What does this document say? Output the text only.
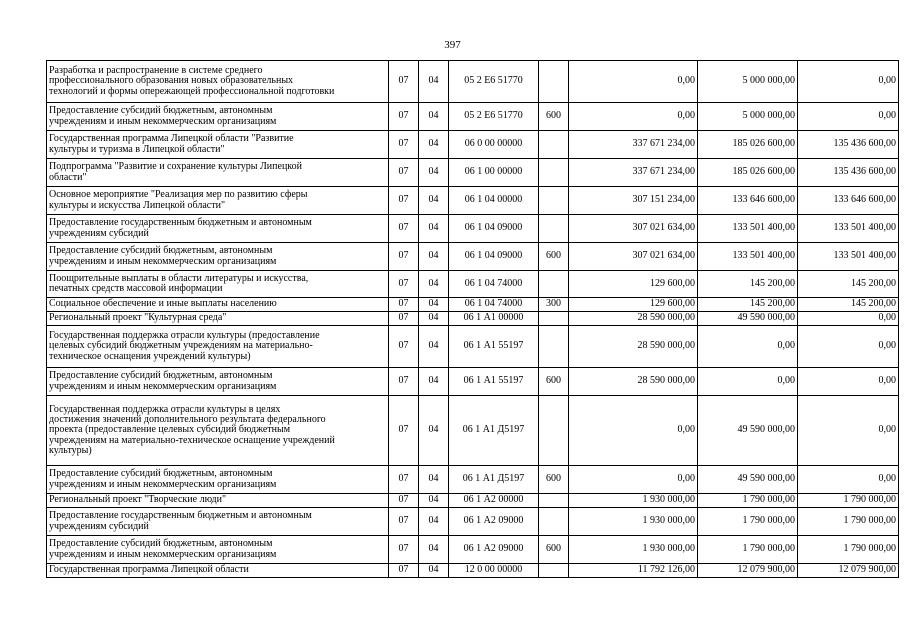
397
Разработка и распространение в системе среднего
профессионального образования новых образовательных
технологий и формы опережающей профессиональной подготовки	07	04	05 2 Е6 51770		0,00	5 000 000,00	0,00
Предоставление субсидий бюджетным, автономным
учреждениям и иным некоммерческим организациям	07	04	05 2 Е6 51770	600	0,00	5 000 000,00	0,00
Государственная программа Липецкой области "Развитие
культуры и туризма в Липецкой области"	07	04	06 0 00 00000		337 671 234,00	185 026 600,00	135 436 600,00
Подпрограмма "Развитие и сохранение культуры Липецкой
области"	07	04	06 1 00 00000		337 671 234,00	185 026 600,00	135 436 600,00
Основное мероприятие "Реализация мер по развитию сферы
культуры и искусства Липецкой области"	07	04	06 1 04 00000		307 151 234,00	133 646 600,00	133 646 600,00
Предоставление государственным бюджетным и автономным
учреждениям субсидий	07	04	06 1 04 09000		307 021 634,00	133 501 400,00	133 501 400,00
Предоставление субсидий бюджетным, автономным
учреждениям и иным некоммерческим организациям	07	04	06 1 04 09000	600	307 021 634,00	133 501 400,00	133 501 400,00
Поощрительные выплаты в области литературы и искусства,
печатных средств массовой информации	07	04	06 1 04 74000		129 600,00	145 200,00	145 200,00
Социальное обеспечение и иные выплаты населению	07	04	06 1 04 74000	300	129 600,00	145 200,00	145 200,00
Региональный проект "Культурная среда"	07	04	06 1 А1 00000		28 590 000,00	49 590 000,00	0,00
Государственная поддержка отрасли культуры (предоставление
целевых субсидий бюджетным учреждениям на материально-
техническое оснащения учреждений культуры)	07	04	06 1 А1 55197		28 590 000,00	0,00	0,00
Предоставление субсидий бюджетным, автономным
учреждениям и иным некоммерческим организациям	07	04	06 1 А1 55197	600	28 590 000,00	0,00	0,00
Государственная поддержка отрасли культуры в целях
достижения значений дополнительного результата федерального
проекта (предоставление целевых субсидий бюджетным
учреждениям на материально-техническое оснащение учреждений
культуры)	07	04	06 1 А1 Д5197		0,00	49 590 000,00	0,00
Предоставление субсидий бюджетным, автономным
учреждениям и иным некоммерческим организациям	07	04	06 1 А1 Д5197	600	0,00	49 590 000,00	0,00
Региональный проект "Творческие люди"	07	04	06 1 А2 00000		1 930 000,00	1 790 000,00	1 790 000,00
Предоставление государственным бюджетным и автономным
учреждениям субсидий	07	04	06 1 А2 09000		1 930 000,00	1 790 000,00	1 790 000,00
Предоставление субсидий бюджетным, автономным
учреждениям и иным некоммерческим организациям	07	04	06 1 А2 09000	600	1 930 000,00	1 790 000,00	1 790 000,00
Государственная программа Липецкой области	07	04	12 0 00 00000		11 792 126,00	12 079 900,00	12 079 900,00
